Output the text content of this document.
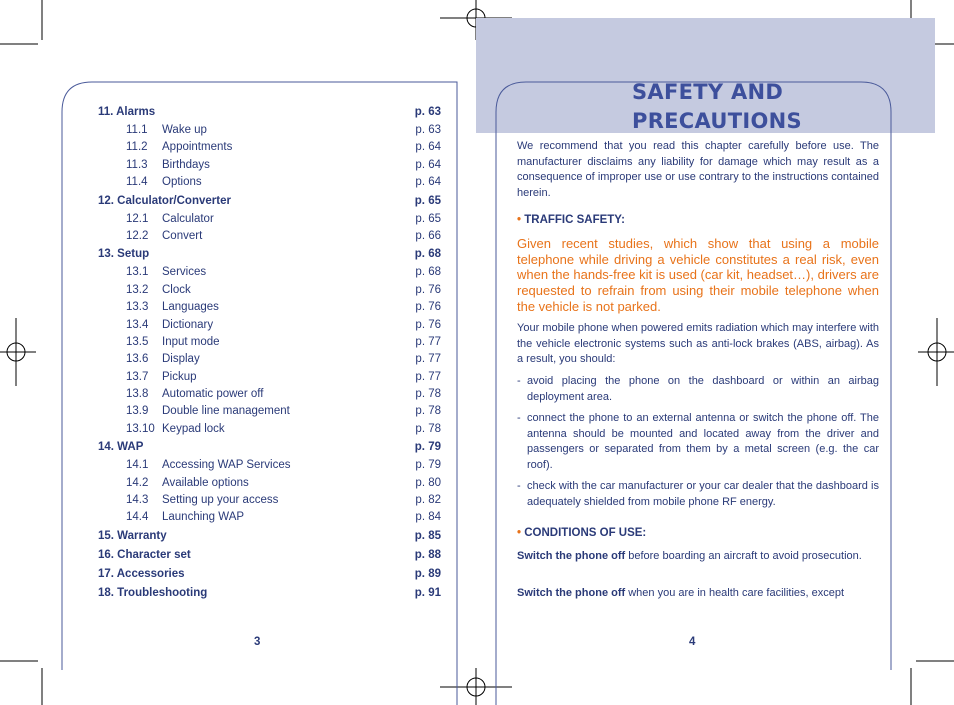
11. Alarms	p. 63
11.1	Wake up	p. 63
11.2	Appointments	p. 64
11.3	Birthdays	p. 64
11.4	Options	p. 64
12. Calculator/Converter	p. 65
12.1	Calculator	p. 65
12.2	Convert	p. 66
13. Setup	p. 68
13.1	Services	p. 68
13.2	Clock	p. 76
13.3	Languages	p. 76
13.4	Dictionary	p. 76
13.5	Input mode	p. 77
13.6	Display	p. 77
13.7	Pickup	p. 77
13.8	Automatic power off	p. 78
13.9	Double line management	p. 78
13.10 Keypad lock	p. 78
14. WAP	p. 79
14.1	Accessing WAP Services	p. 79
14.2	Available options	p. 80
14.3	Setting up your access	p. 82
14.4	Launching WAP	p. 84
15. Warranty	p. 85
16. Character set	p. 88
17. Accessories	p. 89
18. Troubleshooting	p. 91
3
SAFETY AND
PRECAUTIONS
We recommend that you read this chapter carefully before use. The manufacturer disclaims any liability for damage which may result as a consequence of improper use or use contrary to the instructions contained herein.
• TRAFFIC SAFETY:
Given recent studies, which show that using a mobile telephone while driving a vehicle constitutes a real risk, even when the hands-free kit is used (car kit, headset…), drivers are requested to refrain from using their mobile telephone when the vehicle is not parked.
Your mobile phone when powered emits radiation which may interfere with the vehicle electronic systems such as anti-lock brakes (ABS, airbag). As a result, you should:
- avoid placing the phone on the dashboard or within an airbag deployment area.
- connect the phone to an external antenna or switch the phone off. The antenna should be mounted and located away from the driver and passengers or separated from them by a metal screen (e.g. the car roof).
- check with the car manufacturer or your car dealer that the dashboard is adequately shielded from mobile phone RF energy.
• CONDITIONS OF USE:
Switch the phone off before boarding an aircraft to avoid prosecution.
Switch the phone off when you are in health care facilities, except
4
